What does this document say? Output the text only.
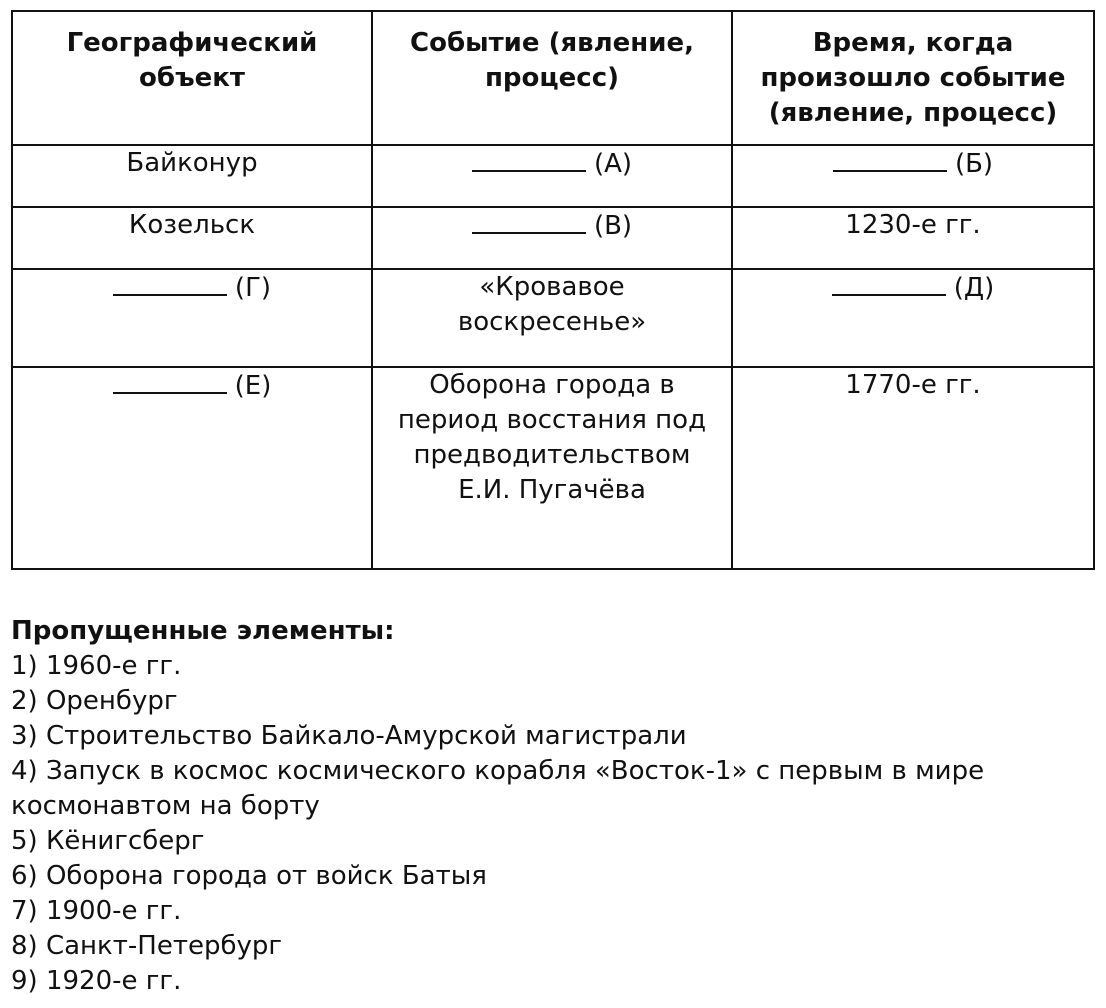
Географический объект	Событие (явление, процесс)	Время, когда произошло событие (явление, процесс)
Байконур	(А)	(Б)
Козельск	(В)	1230-е гг.
(Г)	«Кровавое воскресенье»	(Д)
(Е)	Оборона города в период восстания под предводительством Е.И. Пугачёва	1770-е гг.
Пропущенные элементы:
1) 1960-е гг.
2) Оренбург
3) Строительство Байкало-Амурской магистрали
4) Запуск в космос космического корабля «Восток-1» с первым в мире космонавтом на борту
5) Кёнигсберг
6) Оборона города от войск Батыя
7) 1900-е гг.
8) Санкт-Петербург
9) 1920-е гг.
